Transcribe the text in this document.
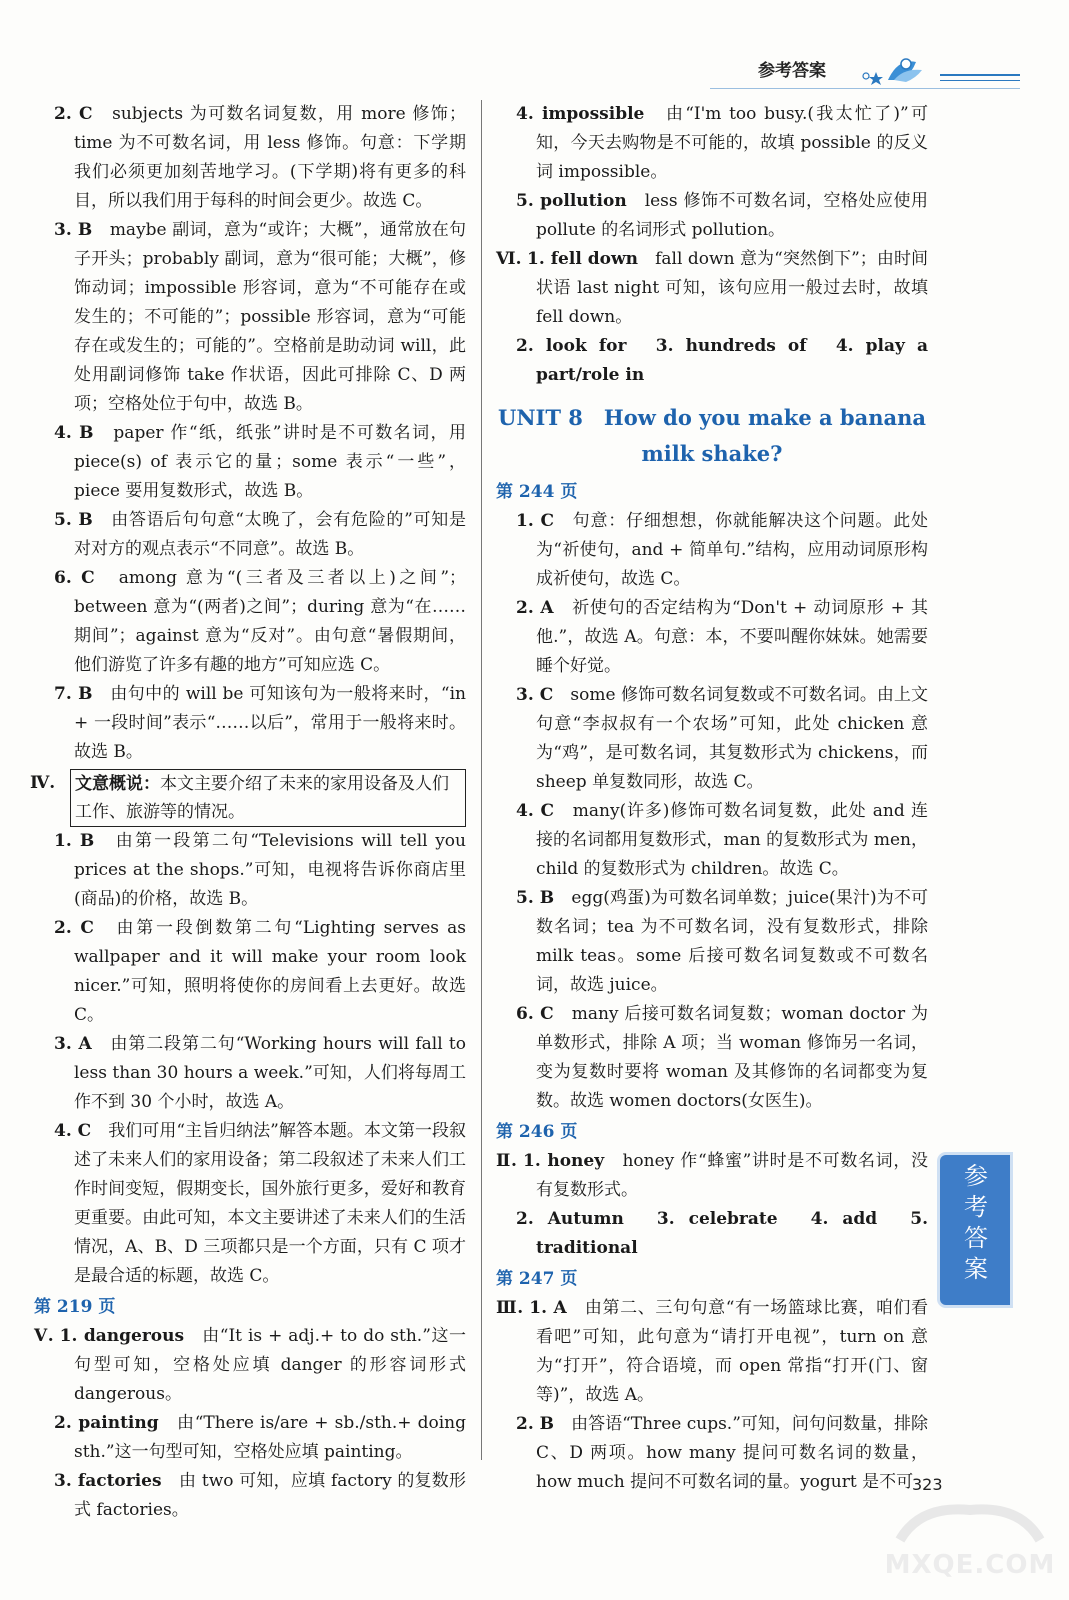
参考答案
2. C　 subjects 为可数名词复数，用 more 修饰；time 为不可数名词，用 less 修饰。句意：下学期我们必须更加刻苦地学习。(下学期)将有更多的科目，所以我们用于每科的时间会更少。故选 C。
3. B　 maybe 副词，意为“或许；大概”，通常放在句子开头；probably 副词，意为“很可能；大概”，修饰动词；impossible 形容词，意为“不可能存在或发生的；不可能的”；possible 形容词，意为“可能存在或发生的；可能的”。空格前是助动词 will，此处用副词修饰 take 作状语，因此可排除 C、D 两项；空格处位于句中，故选 B。
4. B　 paper 作“纸，纸张”讲时是不可数名词，用 piece(s) of 表示它的量；some 表示“一些”，piece 要用复数形式，故选 B。
5. B　 由答语后句句意“太晚了，会有危险的”可知是对对方的观点表示“不同意”。故选 B。
6. C　 among 意为“(三者及三者以上)之间”；between 意为“(两者)之间”；during 意为“在……期间”；against 意为“反对”。由句意“暑假期间，他们游览了许多有趣的地方”可知应选 C。
7. B　 由句中的 will be 可知该句为一般将来时，“in + 一段时间”表示“……以后”，常用于一般将来时。故选 B。
Ⅳ. 文意概说：本文主要介绍了未来的家用设备及人们工作、旅游等的情况。
1. B　 由第一段第二句“Televisions will tell you prices at the shops.”可知，电视将告诉你商店里(商品)的价格，故选 B。
2. C　 由第一段倒数第二句“Lighting serves as wallpaper and it will make your room look nicer.”可知，照明将使你的房间看上去更好。故选 C。
3. A　 由第二段第二句“Working hours will fall to less than 30 hours a week.”可知，人们将每周工作不到 30 个小时，故选 A。
4. C　 我们可用“主旨归纳法”解答本题。本文第一段叙述了未来人们的家用设备；第二段叙述了未来人们工作时间变短，假期变长，国外旅行更多，爱好和教育更重要。由此可知，本文主要讲述了未来人们的生活情况，A、B、D 三项都只是一个方面，只有 C 项才是最合适的标题，故选 C。
第 219 页
Ⅴ. 1. dangerous　 由“It is + adj.+ to do sth.”这一句型可知，空格处应填 danger 的形容词形式 dangerous。
2. painting　 由“There is/are + sb./sth.+ doing sth.”这一句型可知，空格处应填 painting。
3. factories　 由 two 可知，应填 factory 的复数形式 factories。
4. impossible　 由“I'm too busy.(我太忙了)”可知，今天去购物是不可能的，故填 possible 的反义词 impossible。
5. pollution　 less 修饰不可数名词，空格处应使用 pollute 的名词形式 pollution。
Ⅵ. 1. fell down　 fall down 意为“突然倒下”；由时间状语 last night 可知，该句应用一般过去时，故填 fell down。
2. look for　3. hundreds of　4. play a part/role in
UNIT 8　How do you make a banana
milk shake?
第 244 页
1. C　 句意：仔细想想，你就能解决这个问题。此处为“祈使句，and + 简单句.”结构，应用动词原形构成祈使句，故选 C。
2. A　 祈使句的否定结构为“Don't + 动词原形 + 其他.”，故选 A。句意：本，不要叫醒你妹妹。她需要睡个好觉。
3. C　 some 修饰可数名词复数或不可数名词。由上文句意“李叔叔有一个农场”可知，此处 chicken 意为“鸡”，是可数名词，其复数形式为 chickens，而 sheep 单复数同形，故选 C。
4. C　 many(许多)修饰可数名词复数，此处 and 连接的名词都用复数形式，man 的复数形式为 men，child 的复数形式为 children。故选 C。
5. B　 egg(鸡蛋)为可数名词单数；juice(果汁)为不可数名词；tea 为不可数名词，没有复数形式，排除 milk teas。some 后接可数名词复数或不可数名词，故选 juice。
6. C　 many 后接可数名词复数；woman doctor 为单数形式，排除 A 项；当 woman 修饰另一名词，变为复数时要将 woman 及其修饰的名词都变为复数。故选 women doctors(女医生)。
第 246 页
Ⅱ. 1. honey　 honey 作“蜂蜜”讲时是不可数名词，没有复数形式。
2. Autumn　3. celebrate　4. add　5. traditional
第 247 页
Ⅲ. 1. A　 由第二、三句句意“有一场篮球比赛，咱们看看吧”可知，此句意为“请打开电视”，turn on 意为“打开”，符合语境，而 open 常指“打开(门、窗等)”，故选 A。
2. B　 由答语“Three cups.”可知，问句问数量，排除 C、D 两项。how many 提问可数名词的数量，how much 提问不可数名词的量。yogurt 是不可
参考答案
323
MXQE.COM
